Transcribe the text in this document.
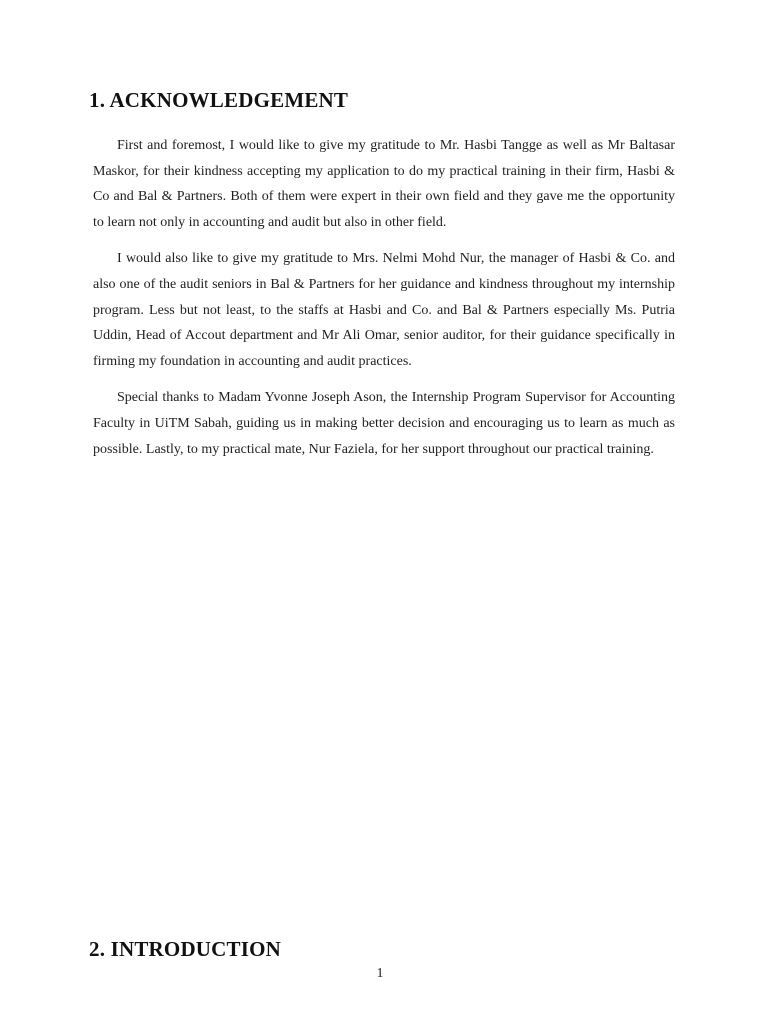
1. ACKNOWLEDGEMENT

First and foremost, I would like to give my gratitude to Mr. Hasbi Tangge as well as Mr Baltasar Maskor, for their kindness accepting my application to do my practical training in their firm, Hasbi & Co and Bal & Partners. Both of them were expert in their own field and they gave me the opportunity to learn not only in accounting and audit but also in other field.

I would also like to give my gratitude to Mrs. Nelmi Mohd Nur, the manager of Hasbi & Co. and also one of the audit seniors in Bal & Partners for her guidance and kindness throughout my internship program. Less but not least, to the staffs at Hasbi and Co. and Bal & Partners especially Ms. Putria Uddin, Head of Accout department and Mr Ali Omar, senior auditor, for their guidance specifically in firming my foundation in accounting and audit practices.

Special thanks to Madam Yvonne Joseph Ason, the Internship Program Supervisor for Accounting Faculty in UiTM Sabah, guiding us in making better decision and encouraging us to learn as much as possible. Lastly, to my practical mate, Nur Faziela, for her support throughout our practical training.

2. INTRODUCTION
1
